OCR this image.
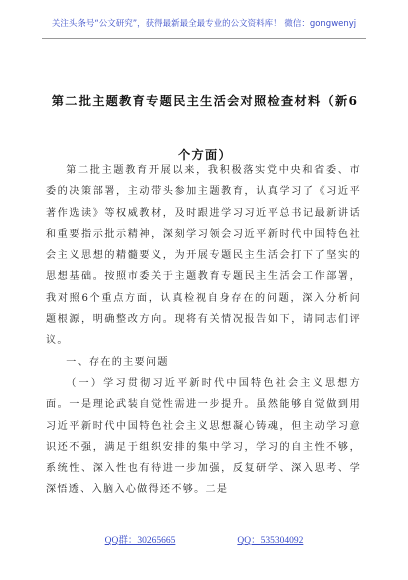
关注头条号“公文研究”，获得最新最全最专业的公文资料库！ 微信：gongwenyj
第二批主题教育专题民主生活会对照检查材料（新6个方面）

第二批主题教育开展以来，我积极落实党中央和省委、市委的决策部署，主动带头参加主题教育，认真学习了《习近平著作选读》等权威教材，及时跟进学习习近平总书记最新讲话和重要指示批示精神，深刻学习领会习近平新时代中国特色社会主义思想的精髓要义，为开展专题民主生活会打下了坚实的思想基础。按照市委关于主题教育专题民主生活会工作部署，我对照6个重点方面，认真检视自身存在的问题，深入分析问题根源，明确整改方向。现将有关情况报告如下，请同志们评议。

一、存在的主要问题

（一）学习贯彻习近平新时代中国特色社会主义思想方面。一是理论武装自觉性需进一步提升。虽然能够自觉做到用习近平新时代中国特色社会主义思想凝心铸魂，但主动学习意识还不强，满足于组织安排的集中学习，学习的自主性不够，系统性、深入性也有待进一步加强，反复研学、深入思考、学深悟透、入脑入心做得还不够。二是

QQ群：30265665	QQ：535304092
